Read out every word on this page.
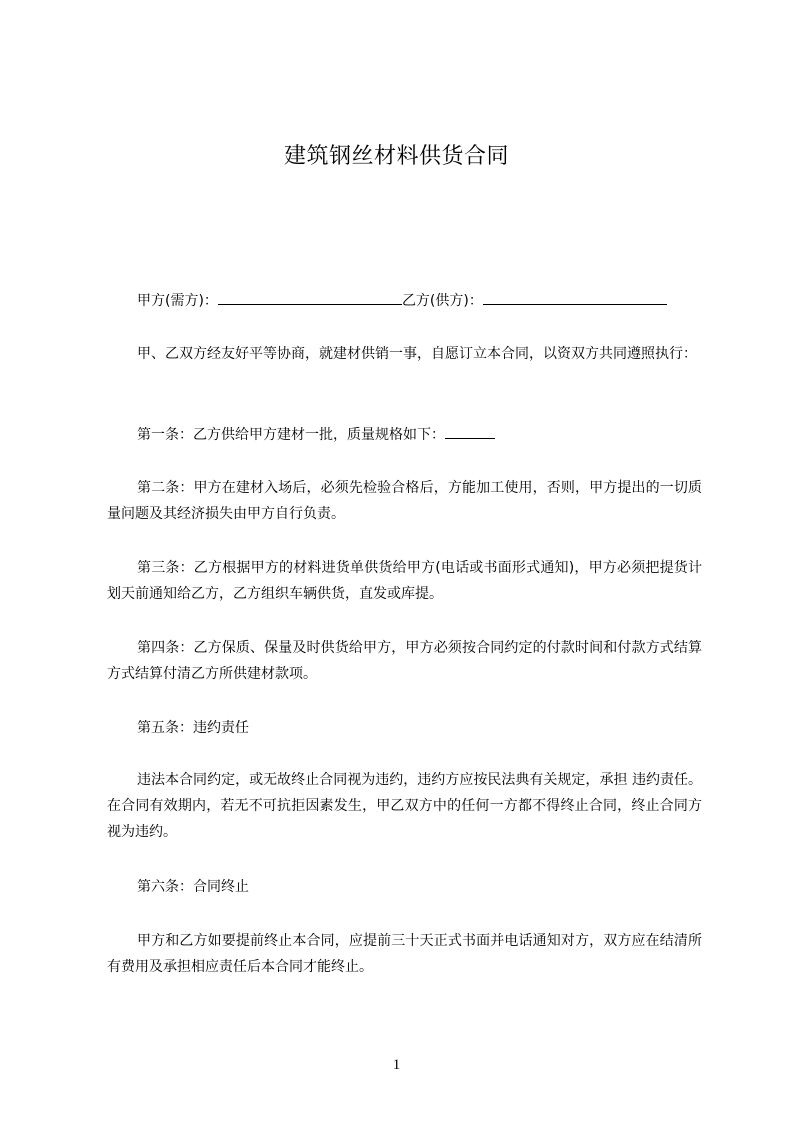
建筑钢丝材料供货合同
甲方(需方)：	乙方(供方)：
甲、乙双方经友好平等协商，就建材供销一事，自愿订立本合同，以资双方共同遵照执行：
第一条：乙方供给甲方建材一批，质量规格如下：
第二条：甲方在建材入场后，必须先检验合格后，方能加工使用，否则，甲方提出的一切质量问题及其经济损失由甲方自行负责。
第三条：乙方根据甲方的材料进货单供货给甲方(电话或书面形式通知)，甲方必须把提货计划天前通知给乙方，乙方组织车辆供货，直发或库提。
第四条：乙方保质、保量及时供货给甲方，甲方必须按合同约定的付款时间和付款方式结算方式结算付清乙方所供建材款项。
第五条：违约责任
违法本合同约定，或无故终止合同视为违约，违约方应按民法典有关规定，承担 违约责任。在合同有效期内，若无不可抗拒因素发生，甲乙双方中的任何一方都不得终止合同，终止合同方视为违约。
第六条：合同终止
甲方和乙方如要提前终止本合同，应提前三十天正式书面并电话通知对方，双方应在结清所有费用及承担相应责任后本合同才能终止。
1
